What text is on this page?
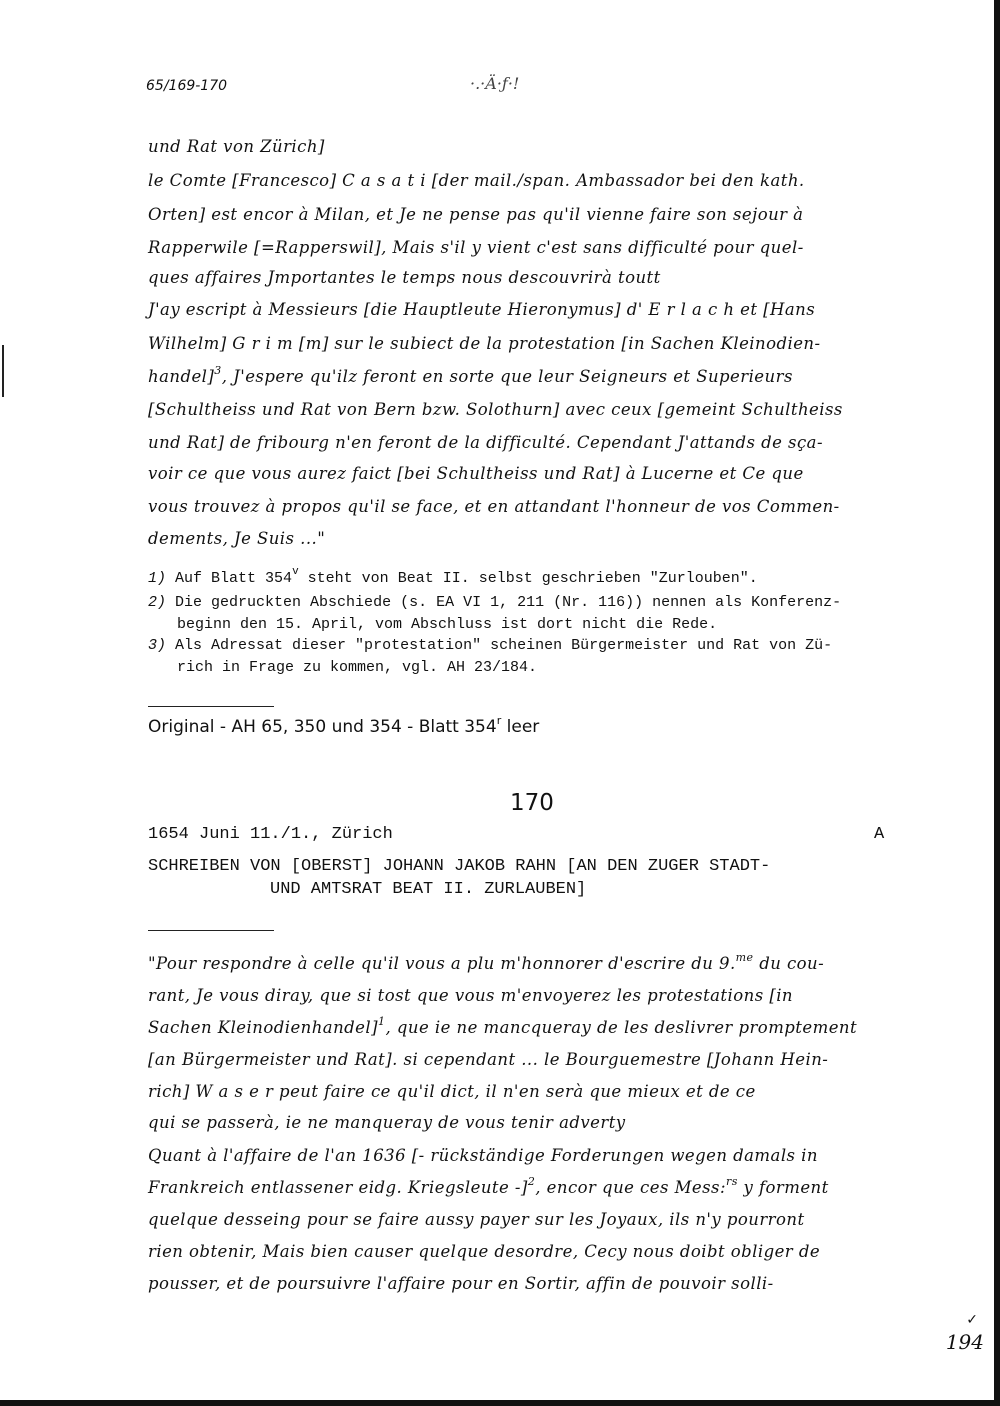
65/169-170	·.·Ä·ƒ·!
und Rat von Zürich]
le Comte [Francesco] C a s a t i [der mail./span. Ambassador bei den kath.
Orten] est encor à Milan, et Je ne pense pas qu'il vienne faire son sejour à
Rapperwile [=Rapperswil], Mais s'il y vient c'est sans difficulté pour quel-
ques affaires Jmportantes le temps nous descouvrirà toutt
J'ay escript à Messieurs [die Hauptleute Hieronymus] d' E r l a c h et [Hans
Wilhelm] G r i m [m] sur le subiect de la protestation [in Sachen Kleinodien-
handel]$^3$, J'espere qu'ilz feront en sorte que leur Seigneurs et Superieurs
[Schultheiss und Rat von Bern bzw. Solothurn] avec ceux [gemeint Schultheiss
und Rat] de fribourg n'en feront de la difficulté. Cependant J'attands de sça-
voir ce que vous aurez faict [bei Schultheiss und Rat] à Lucerne et Ce que
vous trouvez à propos qu'il se face, et en attandant l'honneur de vos Commen-
dements, Je Suis ..."
1) Auf Blatt 354$^v$ steht von Beat II. selbst geschrieben "Zurlouben".
2) Die gedruckten Abschiede (s. EA VI 1, 211 (Nr. 116)) nennen als Konferenz-
beginn den 15. April, vom Abschluss ist dort nicht die Rede.
3) Als Adressat dieser "protestation" scheinen Bürgermeister und Rat von Zü-
rich in Frage zu kommen, vgl. AH 23/184.
Original - AH 65, 350 und 354 - Blatt 354$^r$ leer
170
1654 Juni 11./1., Zürich	A
SCHREIBEN VON [OBERST] JOHANN JAKOB RAHN [AN DEN ZUGER STADT-
UND AMTSRAT BEAT II. ZURLAUBEN]
"Pour respondre à celle qu'il vous a plu m'honnorer d'escrire du 9.$^{me}$ du cou-
rant, Je vous diray, que si tost que vous m'envoyerez les protestations [in
Sachen Kleinodienhandel]$^1$, que ie ne mancqueray de les deslivrer promptement
[an Bürgermeister und Rat]. si cependant ... le Bourguemestre [Johann Hein-
rich] W a s e r peut faire ce qu'il dict, il n'en serà que mieux et de ce
qui se passerà, ie ne manqueray de vous tenir adverty
Quant à l'affaire de l'an 1636 [- rückständige Forderungen wegen damals in
Frankreich entlassener eidg. Kriegsleute -]$^2$, encor que ces Mess:$^{rs}$ y forment
quelque desseing pour se faire aussy payer sur les Joyaux, ils n'y pourront
rien obtenir, Mais bien causer quelque desordre, Cecy nous doibt obliger de
pousser, et de poursuivre l'affaire pour en Sortir, affin de pouvoir solli-
✓
194
